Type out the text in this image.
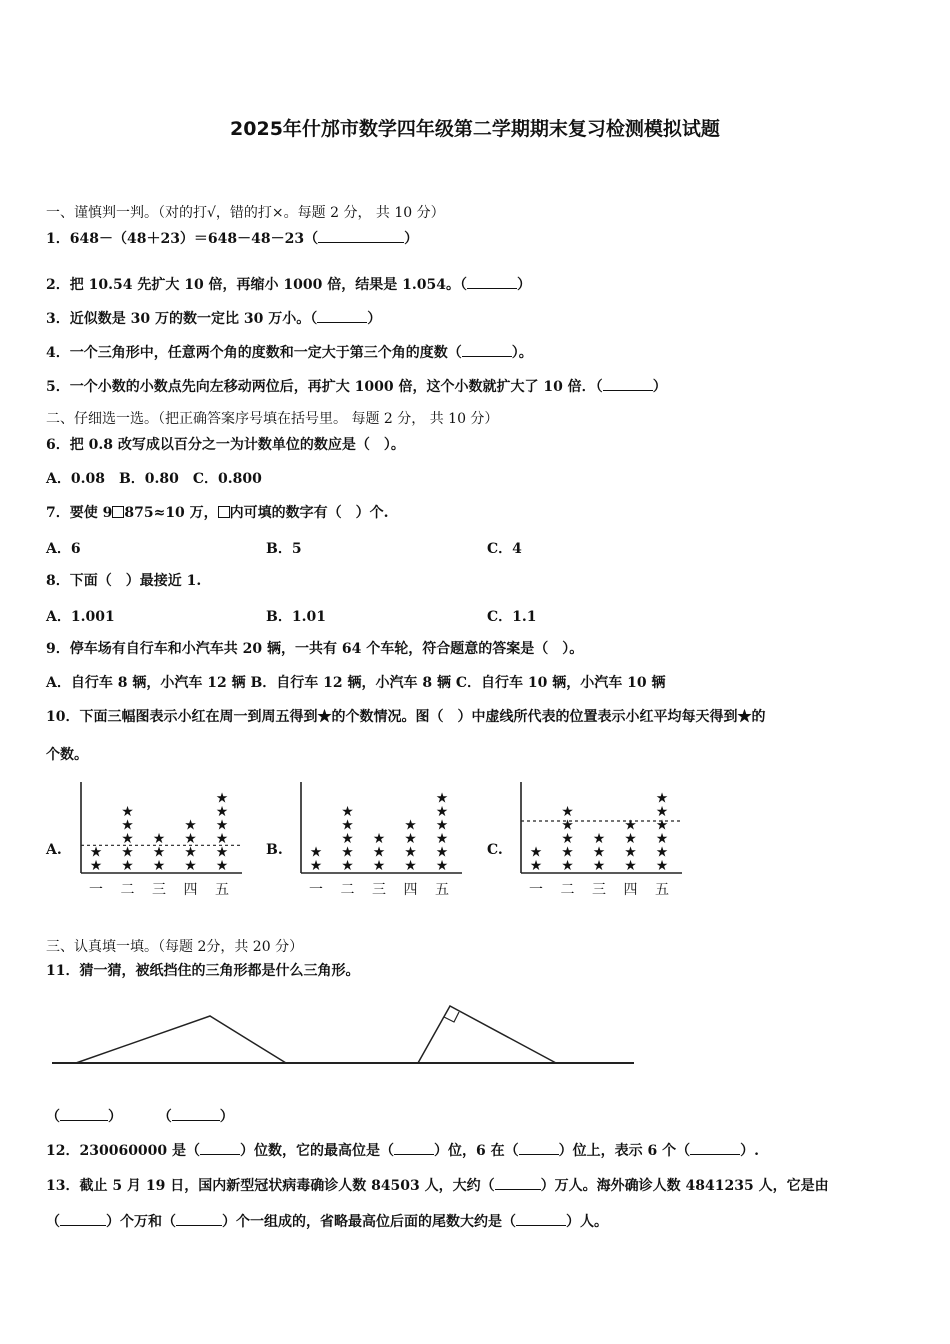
2025年什邡市数学四年级第二学期期末复习检测模拟试题
一、谨慎判一判。（对的打√，错的打×。每题 2 分， 共 10 分）
1．648－（48＋23）＝648－48－23（	）
2．把 10.54 先扩大 10 倍，再缩小 1000 倍，结果是 1.054。（	）
3．近似数是 30 万的数一定比 30 万小。（	）
4．一个三角形中，任意两个角的度数和一定大于第三个角的度数（	）。
5．一个小数的小数点先向左移动两位后，再扩大 1000 倍，这个小数就扩大了 10 倍．（	）
二、仔细选一选。（把正确答案序号填在括号里。 每题 2 分， 共 10 分）
6．把 0.8 改写成以百分之一为计数单位的数应是（　）。
A．0.08　B．0.80　C．0.800
7．要使 9 875≈10 万， 内可填的数字有（　）个.
A．6	B．5	C．4
8．下面（　）最接近 1.
A．1.001	B．1.01	C．1.1
9．停车场有自行车和小汽车共 20 辆，一共有 64 个车轮，符合题意的答案是（　）。
A．自行车 8 辆，小汽车 12 辆 B．自行车 12 辆，小汽车 8 辆 C．自行车 10 辆，小汽车 10 辆
10．下面三幅图表示小红在周一到周五得到★的个数情况。图（　）中虚线所代表的位置表示小红平均每天得到★的
个数。
A.
★
★
一
★
★
★
★
★
二
★
★
★
三
★
★
★
★
四
★
★
★
★
★
★
五
B.
★
★
一
★
★
★
★
★
二
★
★
★
三
★
★
★
★
四
★
★
★
★
★
★
五
C.
★
★
一
★
★
★
★
★
二
★
★
★
三
★
★
★
★
四
★
★
★
★
★
★
五
三、认真填一填。（每题 2分，共 20 分）
11．猜一猜，被纸挡住的三角形都是什么三角形。
（	）	（	）
12．230060000 是（	）位数，它的最高位是（	）位，6 在（	）位上，表示 6 个（	）.
13．截止 5 月 19 日，国内新型冠状病毒确诊人数 84503 人，大约（	）万人。海外确诊人数 4841235 人，它是由
（	）个万和（	）个一组成的，省略最高位后面的尾数大约是（	）人。
